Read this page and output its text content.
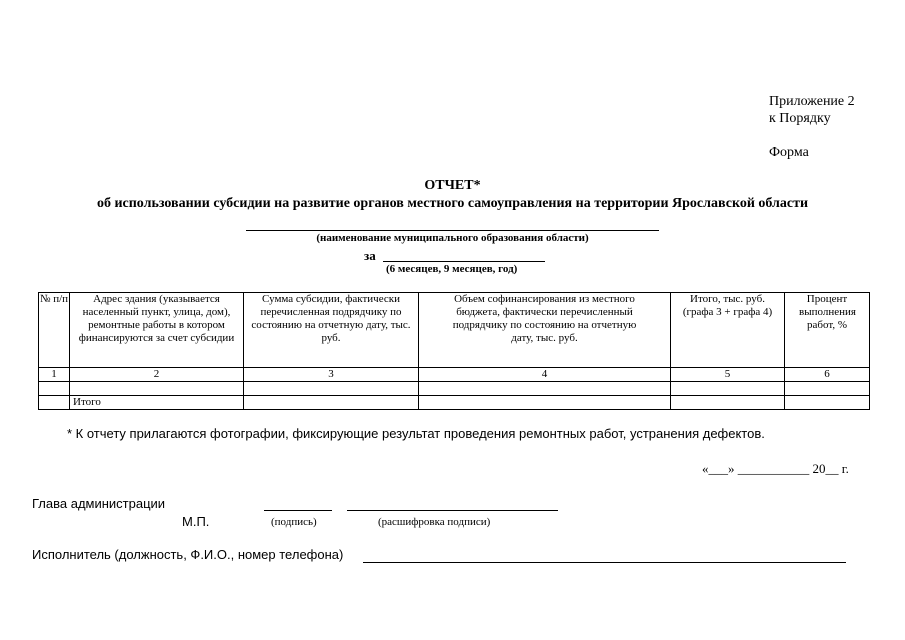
Приложение 2
к Порядку
Форма
ОТЧЕТ*
об использовании субсидии на развитие органов местного самоуправления на территории Ярославской области
(наименование муниципального образования области)
за
(6 месяцев, 9 месяцев, год)
№ п/п	Адрес здания (указывается населенный пункт, улица, дом), ремонтные работы в котором финансируются за счет субсидии	Сумма субсидии, фактически перечисленная подрядчику по состоянию на отчетную дату, тыс. руб.	Объем софинансирования из местного бюджета, фактически перечисленный подрядчику по состоянию на отчетную дату, тыс. руб.	Итого, тыс. руб. (графа 3 + графа 4)	Процент выполнения работ, %
1	2	3	4	5	6

	Итого				
* К отчету прилагаются фотографии, фиксирующие результат проведения ремонтных работ, устранения дефектов.
«___» ___________ 20__ г.
Глава администрации
М.П.	(подпись)	(расшифровка подписи)
Исполнитель (должность, Ф.И.О., номер телефона)
